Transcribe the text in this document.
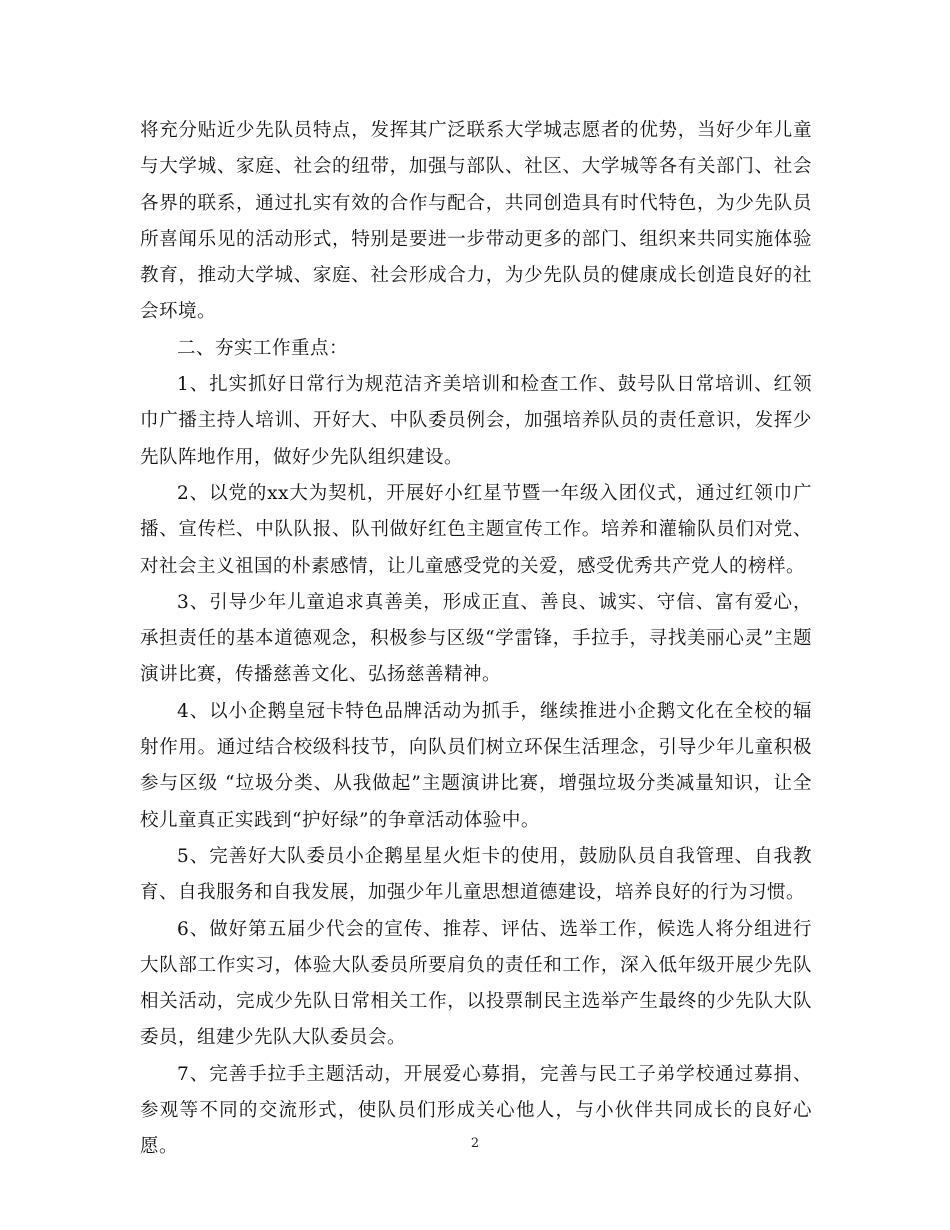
将充分贴近少先队员特点，发挥其广泛联系大学城志愿者的优势，当好少年儿童与大学城、家庭、社会的纽带，加强与部队、社区、大学城等各有关部门、社会各界的联系，通过扎实有效的合作与配合，共同创造具有时代特色，为少先队员所喜闻乐见的活动形式，特别是要进一步带动更多的部门、组织来共同实施体验教育，推动大学城、家庭、社会形成合力，为少先队员的健康成长创造良好的社会环境。

二、夯实工作重点：

1、扎实抓好日常行为规范洁齐美培训和检查工作、鼓号队日常培训、红领巾广播主持人培训、开好大、中队委员例会，加强培养队员的责任意识，发挥少先队阵地作用，做好少先队组织建设。

2、以党的xx大为契机，开展好小红星节暨一年级入团仪式，通过红领巾广播、宣传栏、中队队报、队刊做好红色主题宣传工作。培养和灌输队员们对党、对社会主义祖国的朴素感情，让儿童感受党的关爱，感受优秀共产党人的榜样。

3、引导少年儿童追求真善美，形成正直、善良、诚实、守信、富有爱心，承担责任的基本道德观念，积极参与区级“学雷锋，手拉手，寻找美丽心灵”主题演讲比赛，传播慈善文化、弘扬慈善精神。

4、以小企鹅皇冠卡特色品牌活动为抓手，继续推进小企鹅文化在全校的辐射作用。通过结合校级科技节，向队员们树立环保生活理念，引导少年儿童积极参与区级 “垃圾分类、从我做起”主题演讲比赛，增强垃圾分类减量知识，让全校儿童真正实践到“护好绿”的争章活动体验中。

5、完善好大队委员小企鹅星星火炬卡的使用，鼓励队员自我管理、自我教育、自我服务和自我发展，加强少年儿童思想道德建设，培养良好的行为习惯。

6、做好第五届少代会的宣传、推荐、评估、选举工作，候选人将分组进行大队部工作实习，体验大队委员所要肩负的责任和工作，深入低年级开展少先队相关活动，完成少先队日常相关工作，以投票制民主选举产生最终的少先队大队委员，组建少先队大队委员会。

7、完善手拉手主题活动，开展爱心募捐，完善与民工子弟学校通过募捐、参观等不同的交流形式，使队员们形成关心他人，与小伙伴共同成长的良好心愿。	2
